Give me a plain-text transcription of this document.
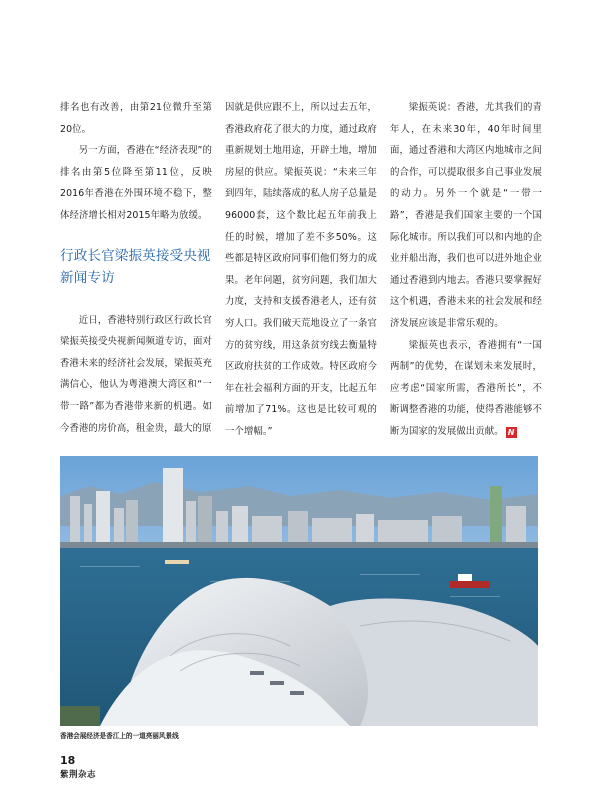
排名也有改善，由第21位微升至第20位。

另一方面，香港在“经济表现”的排名由第5位降至第11位，反映2016年香港在外围环境不稳下，整体经济增长相对2015年略为放缓。

行政长官梁振英接受央视新闻专访

近日，香港特别行政区行政长官梁振英接受央视新闻频道专访，面对香港未来的经济社会发展，梁振英充满信心，他认为粤港澳大湾区和“一带一路”都为香港带来新的机遇。如今香港的房价高，租金贵，最大的原

因就是供应跟不上，所以过去五年，香港政府花了很大的力度，通过政府重新规划土地用途，开辟土地，增加房屋的供应。梁振英说：“未来三年到四年，陆续落成的私人房子总量是96000套，这个数比起五年前我上任的时候，增加了差不多50%。这些都是特区政府同事们他们努力的成果。老年问题，贫穷问题，我们加大力度，支持和支援香港老人，还有贫穷人口。我们破天荒地设立了一条官方的贫穷线，用这条贫穷线去衡量特区政府扶贫的工作成效。特区政府今年在社会福利方面的开支，比起五年前增加了71%。这也是比较可观的一个增幅。”

梁振英说：香港，尤其我们的青年人，在未来30年，40年时间里面，通过香港和大湾区内地城市之间的合作，可以提取很多自己事业发展的动力。另外一个就是“一带一路”，香港是我们国家主要的一个国际化城市。所以我们可以和内地的企业并船出海，我们也可以进外地企业通过香港到内地去。香港只要掌握好这个机遇，香港未来的社会发展和经济发展应该是非常乐观的。

梁振英也表示，香港拥有“一国两制”的优势，在谋划未来发展时，应考虑“国家所需，香港所长”，不断调整香港的功能，使得香港能够不断为国家的发展做出贡献。 N

香港会展经济是香江上的一道亮丽风景线
18
紫荆杂志
